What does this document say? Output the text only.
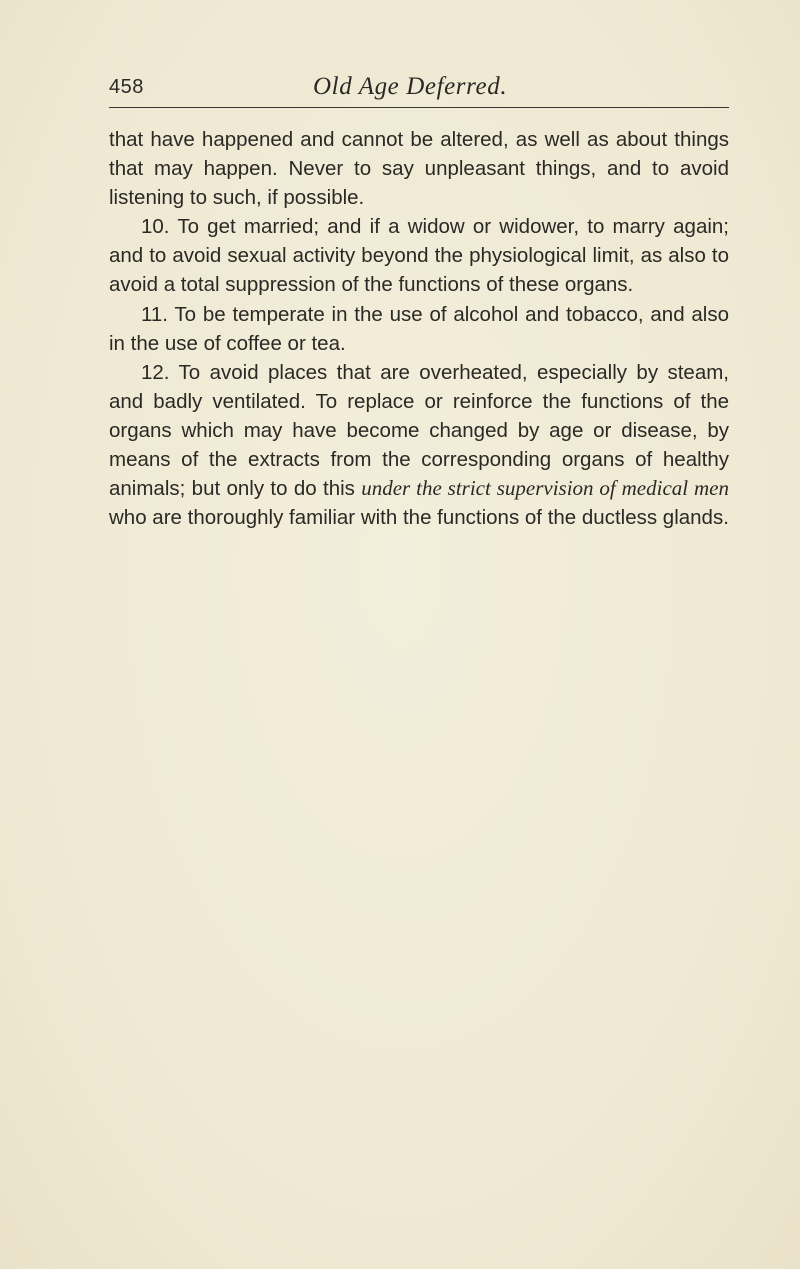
458	Old Age Deferred.

that have happened and cannot be altered, as well as about things that may happen. Never to say unpleasant things, and to avoid listening to such, if possible.

10. To get married; and if a widow or widower, to marry again; and to avoid sexual activity beyond the physiological limit, as also to avoid a total suppression of the functions of these organs.

11. To be temperate in the use of alcohol and tobacco, and also in the use of coffee or tea.

12. To avoid places that are overheated, especially by steam, and badly ventilated. To replace or reinforce the functions of the organs which may have become changed by age or disease, by means of the extracts from the corresponding organs of healthy animals; but only to do this under the strict supervision of medical men who are thoroughly familiar with the functions of the ductless glands.
